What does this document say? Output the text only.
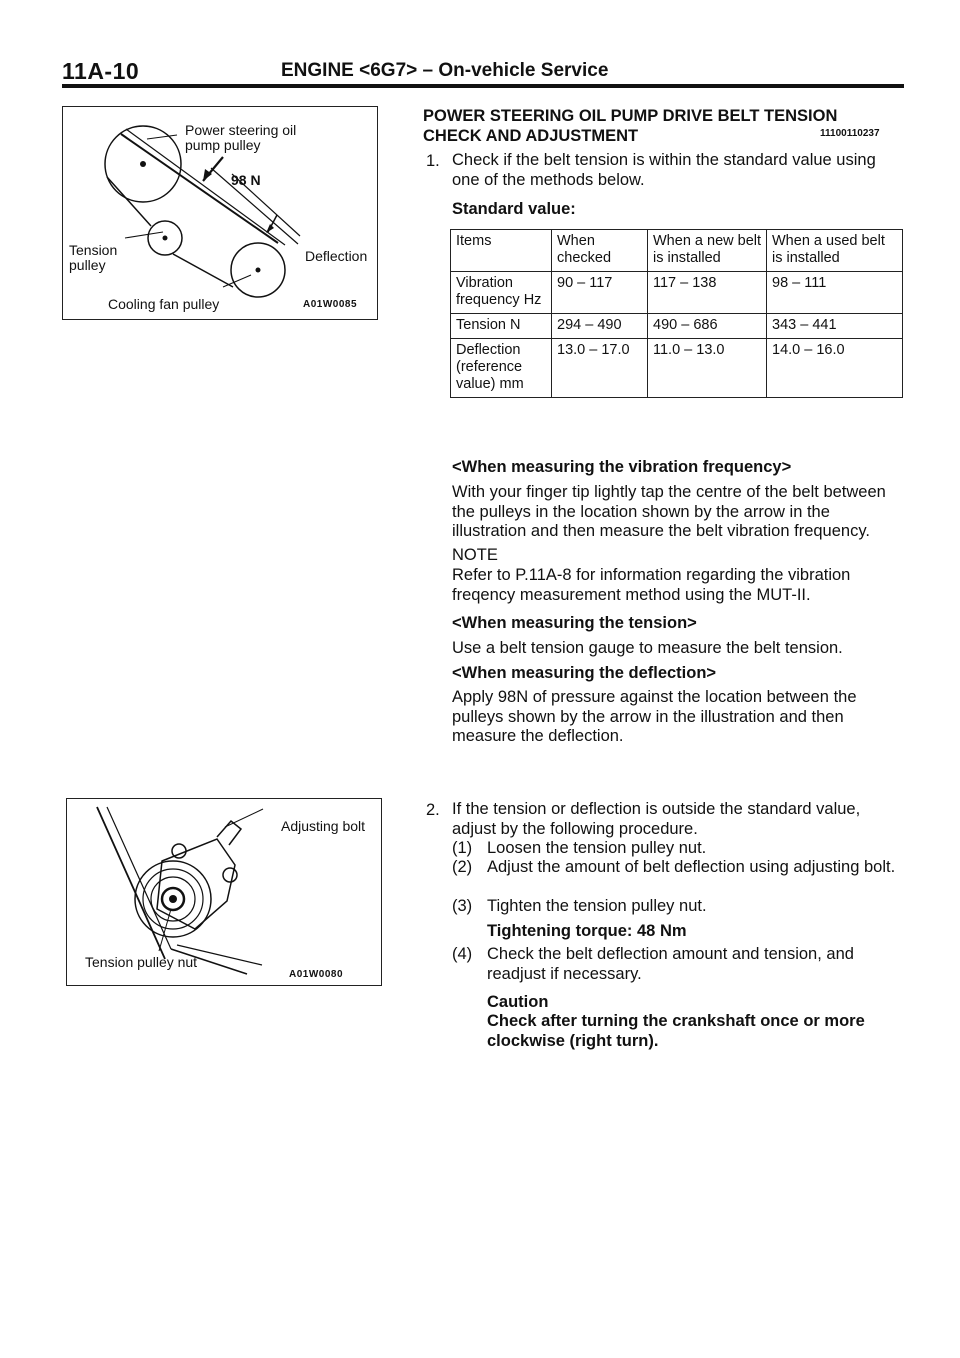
11A-10	ENGINE <6G7> – On-vehicle Service
Power steering oil pump pulley
98 N
Tension pulley
Deflection
Cooling fan pulley	A01W0085
Adjusting bolt
Tension pulley nut
A01W0080
POWER STEERING OIL PUMP DRIVE BELT TENSION
CHECK AND ADJUSTMENT	11100110237
1. Check if the belt tension is within the standard value using one of the methods below.
Standard value:
Items	When checked	When a new belt is installed	When a used belt is installed
Vibration frequency Hz	90 – 117	117 – 138	98 – 111
Tension N	294 – 490	490 – 686	343 – 441
Deflection (reference value) mm	13.0 – 17.0	11.0 – 13.0	14.0 – 16.0
<When measuring the vibration frequency>
With your finger tip lightly tap the centre of the belt between the pulleys in the location shown by the arrow in the illustration and then measure the belt vibration frequency.
NOTE
Refer to P.11A-8 for information regarding the vibration freqency measurement method using the MUT-II.
<When measuring the tension>
Use a belt tension gauge to measure the belt tension.
<When measuring the deflection>
Apply 98N of pressure against the location between the pulleys shown by the arrow in the illustration and then measure the deflection.
2. If the tension or deflection is outside the standard value, adjust by the following procedure.
(1) Loosen the tension pulley nut.
(2) Adjust the amount of belt deflection using adjusting bolt.
(3) Tighten the tension pulley nut.
Tightening torque: 48 Nm
(4) Check the belt deflection amount and tension, and readjust if necessary.
Caution
Check after turning the crankshaft once or more clockwise (right turn).
